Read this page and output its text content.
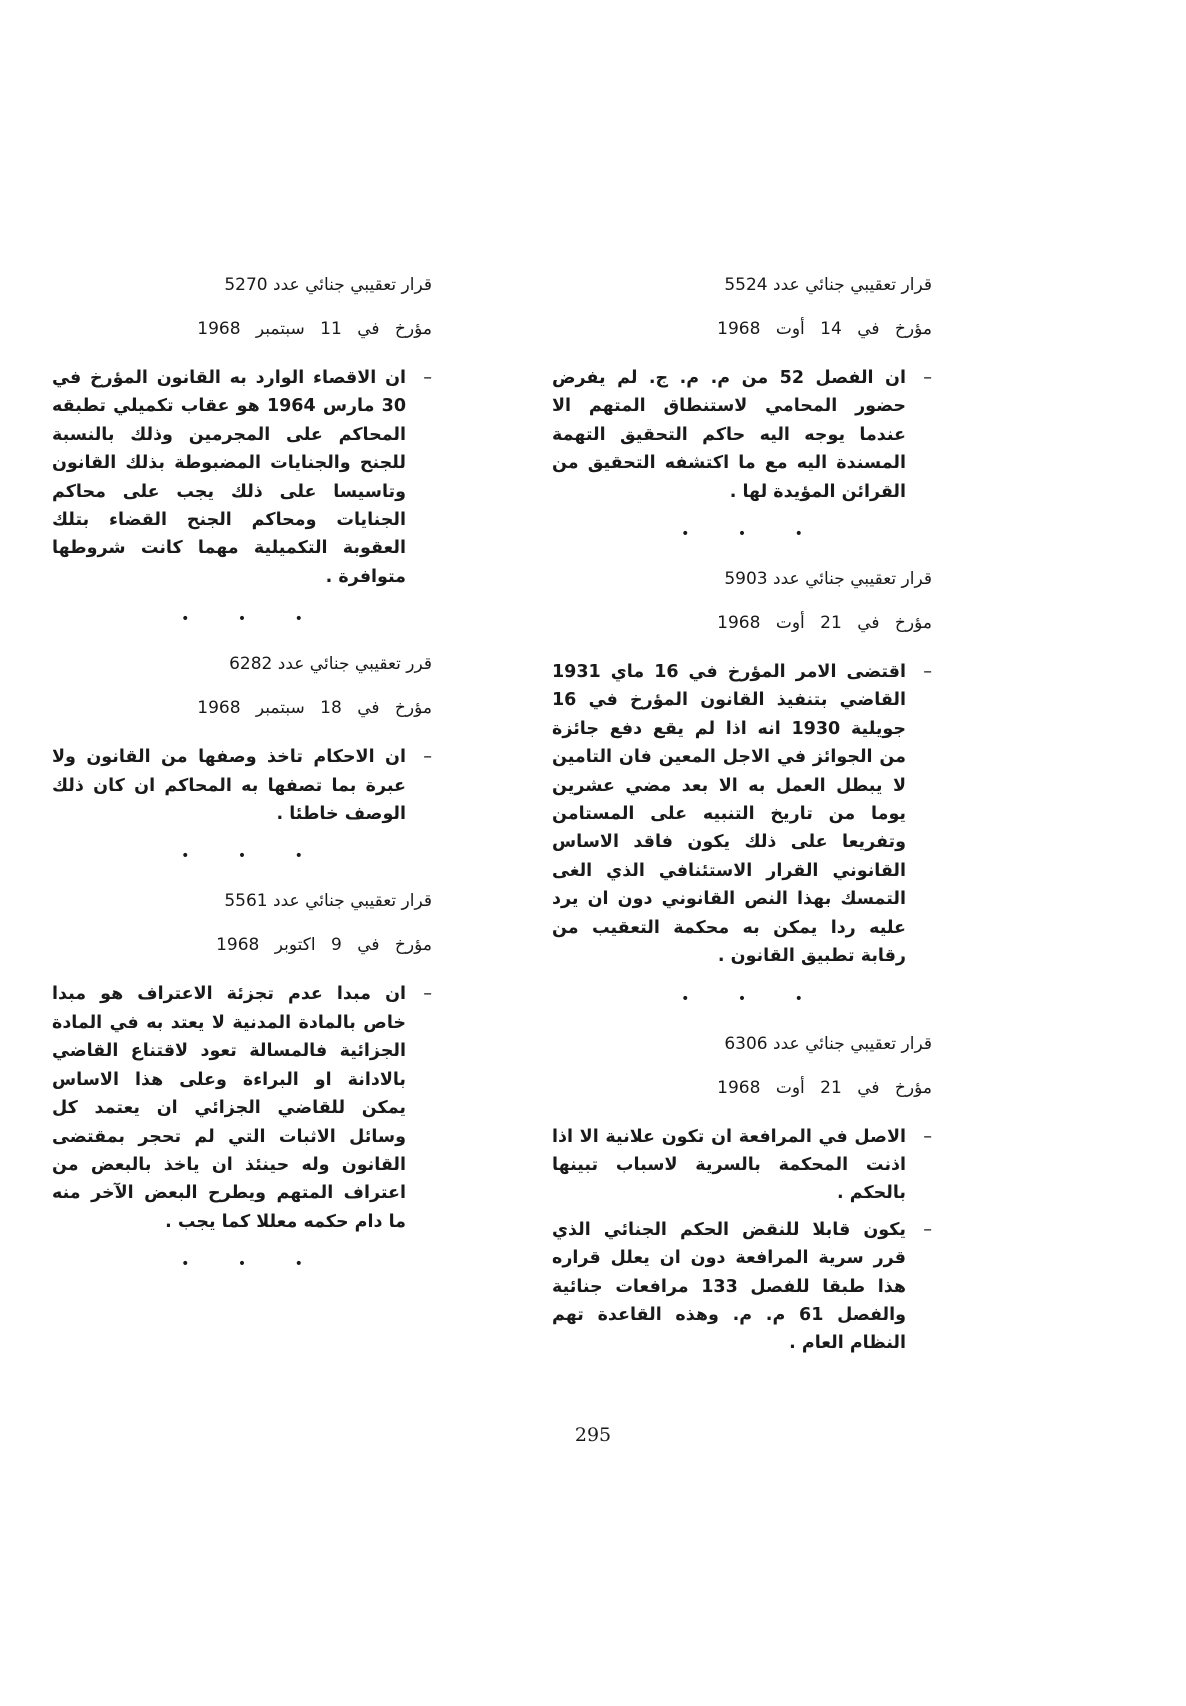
قرار تعقيبي جنائي عدد 5524
مؤرخ في 14 أوت 1968

–
ان الفصل 52 من م. م. ج. لم يفرض حضور المحامي لاستنطاق المتهم الا عندما يوجه اليه حاكم التحقيق التهمة المسندة اليه مع ما اكتشفه التحقيق من القرائن المؤيدة لها .

• • •
قرار تعقيبي جنائي عدد 5903
مؤرخ في 21 أوت 1968

–
اقتضى الامر المؤرخ في 16 ماي 1931 القاضي بتنفيذ القانون المؤرخ في 16 جويلية 1930 انه اذا لم يقع دفع جائزة من الجوائز في الاجل المعين فان التامين لا يبطل العمل به الا بعد مضي عشرين يوما من تاريخ التنبيه على المستامن وتفريعا على ذلك يكون فاقد الاساس القانوني القرار الاستئنافي الذي الغى التمسك بهذا النص القانوني دون ان يرد عليه ردا يمكن به محكمة التعقيب من رقابة تطبيق القانون .

• • •
قرار تعقيبي جنائي عدد 6306
مؤرخ في 21 أوت 1968

–
الاصل في المرافعة ان تكون علانية الا اذا اذنت المحكمة بالسرية لاسباب تبينها بالحكم .

–
يكون قابلا للنقض الحكم الجنائي الذي قرر سرية المرافعة دون ان يعلل قراره هذا طبقا للفصل 133 مرافعات جنائية والفصل 61 م. م. وهذه القاعدة تهم النظام العام .

قرار تعقيبي جنائي عدد 5270
مؤرخ في 11 سبتمبر 1968

–
ان الاقصاء الوارد به القانون المؤرخ في 30 مارس 1964 هو عقاب تكميلي تطبقه المحاكم على المجرمين وذلك بالنسبة للجنح والجنايات المضبوطة بذلك القانون وتاسيسا على ذلك يجب على محاكم الجنايات ومحاكم الجنح القضاء بتلك العقوبة التكميلية مهما كانت شروطها متوافرة .

• • •
قرر تعقيبي جنائي عدد 6282
مؤرخ في 18 سبتمبر 1968

–
ان الاحكام تاخذ وصفها من القانون ولا عبرة بما تصفها به المحاكم ان كان ذلك الوصف خاطئا .

• • •
قرار تعقيبي جنائي عدد 5561
مؤرخ في 9 اكتوبر 1968

–
ان مبدا عدم تجزئة الاعتراف هو مبدا خاص بالمادة المدنية لا يعتد به في المادة الجزائية فالمسالة تعود لاقتناع القاضي بالادانة او البراءة وعلى هذا الاساس يمكن للقاضي الجزائي ان يعتمد كل وسائل الاثبات التي لم تحجر بمقتضى القانون وله حينئذ ان ياخذ بالبعض من اعتراف المتهم ويطرح البعض الآخر منه ما دام حكمه معللا كما يجب .

• • •
295
